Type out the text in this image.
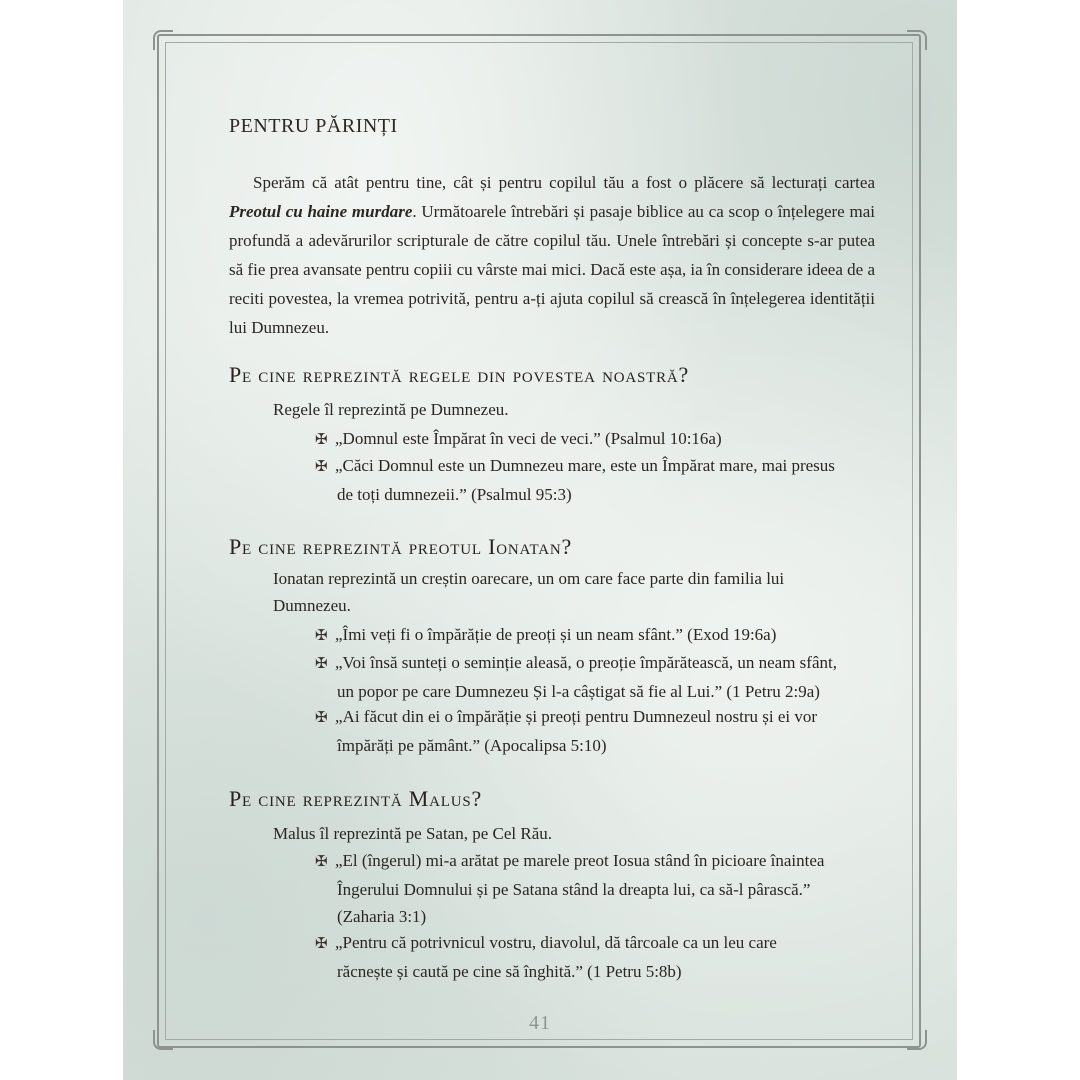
PENTRU PĂRINȚI

Sperăm că atât pentru tine, cât și pentru copilul tău a fost o plăcere să lecturați cartea Preotul cu haine murdare. Următoarele întrebări și pasaje biblice au ca scop o înțelegere mai profundă a adevărurilor scripturale de către copilul tău. Unele întrebări și concepte s-ar putea să fie prea avansate pentru copiii cu vârste mai mici. Dacă este așa, ia în considerare ideea de a reciti povestea, la vremea potrivită, pentru a-ți ajuta copilul să crească în înțelegerea identității lui Dumnezeu.

Pe cine reprezintă regele din povestea noastră?

Regele îl reprezintă pe Dumnezeu.

✠ „Domnul este Împărat în veci de veci.” (Psalmul 10:16a)

✠ „Căci Domnul este un Dumnezeu mare, este un Împărat mare, mai presus
de toți dumnezeii.” (Psalmul 95:3)

Pe cine reprezintă preotul Ionatan?

Ionatan reprezintă un creștin oarecare, un om care face parte din familia lui
Dumnezeu.

✠ „Îmi veți fi o împărăție de preoți și un neam sfânt.” (Exod 19:6a)

✠ „Voi însă sunteți o seminție aleasă, o preoție împărătească, un neam sfânt,
un popor pe care Dumnezeu Și l-a câștigat să fie al Lui.” (1 Petru 2:9a)

✠ „Ai făcut din ei o împărăție și preoți pentru Dumnezeul nostru și ei vor
împărăți pe pământ.” (Apocalipsa 5:10)

Pe cine reprezintă Malus?

Malus îl reprezintă pe Satan, pe Cel Rău.

✠ „El (îngerul) mi-a arătat pe marele preot Iosua stând în picioare înaintea
Îngerului Domnului și pe Satana stând la dreapta lui, ca să-l pârască.”
(Zaharia 3:1)

✠ „Pentru că potrivnicul vostru, diavolul, dă târcoale ca un leu care
răcnește și caută pe cine să înghită.” (1 Petru 5:8b)

41
